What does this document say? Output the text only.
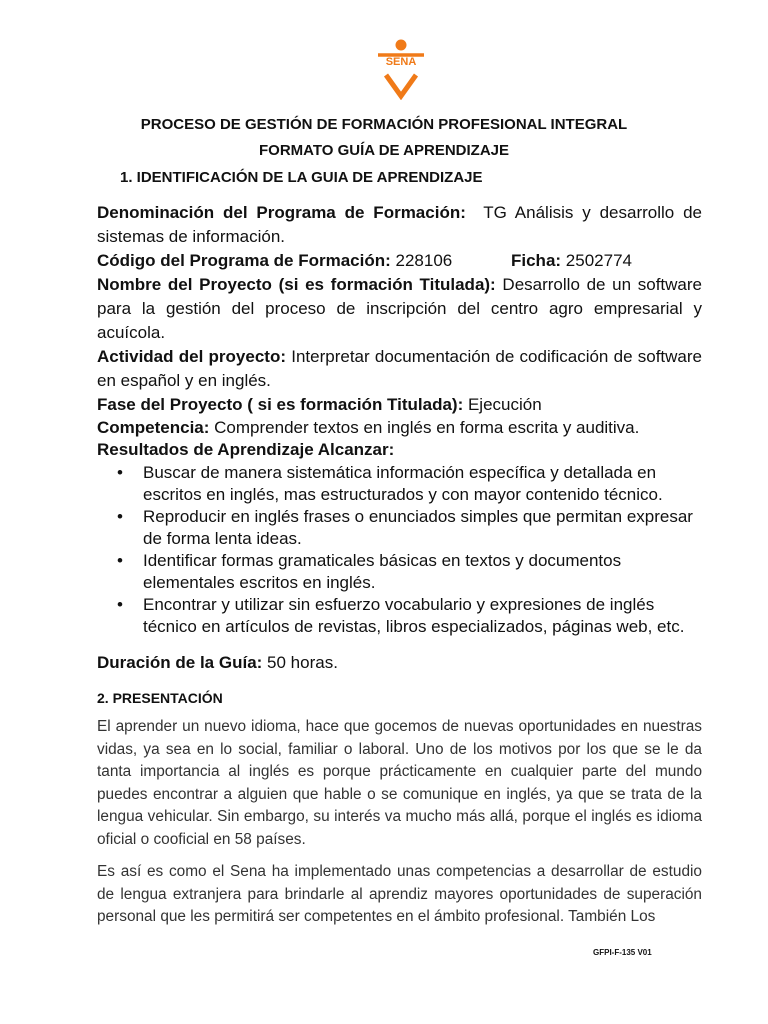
SENA
PROCESO DE GESTIÓN DE FORMACIÓN PROFESIONAL INTEGRAL
FORMATO GUÍA DE APRENDIZAJE
1. IDENTIFICACIÓN DE LA GUIA DE APRENDIZAJE
Denominación del Programa de Formación: TG Análisis y desarrollo de sistemas de información.
Código del Programa de Formación: 228106	Ficha: 2502774
Nombre del Proyecto (si es formación Titulada): Desarrollo de un software para la gestión del proceso de inscripción del centro agro empresarial y acuícola.
Actividad del proyecto: Interpretar documentación de codificación de software en español y en inglés.
Fase del Proyecto ( si es formación Titulada): Ejecución
Competencia: Comprender textos en inglés en forma escrita y auditiva.
Resultados de Aprendizaje Alcanzar:
• Buscar de manera sistemática información específica y detallada en escritos en inglés, mas estructurados y con mayor contenido técnico.
• Reproducir en inglés frases o enunciados simples que permitan expresar de forma lenta ideas.
• Identificar formas gramaticales básicas en textos y documentos elementales escritos en inglés.
• Encontrar y utilizar sin esfuerzo vocabulario y expresiones de inglés técnico en artículos de revistas, libros especializados, páginas web, etc.
Duración de la Guía: 50 horas.
2. PRESENTACIÓN
El aprender un nuevo idioma, hace que gocemos de nuevas oportunidades en nuestras vidas, ya sea en lo social, familiar o laboral. Uno de los motivos por los que se le da tanta importancia al inglés es porque prácticamente en cualquier parte del mundo puedes encontrar a alguien que hable o se comunique en inglés, ya que se trata de la lengua vehicular. Sin embargo, su interés va mucho más allá, porque el inglés es idioma oficial o cooficial en 58 países.
Es así es como el Sena ha implementado unas competencias a desarrollar de estudio de lengua extranjera para brindarle al aprendiz mayores oportunidades de superación personal que les permitirá ser competentes en el ámbito profesional. También Los
GFPI-F-135 V01
